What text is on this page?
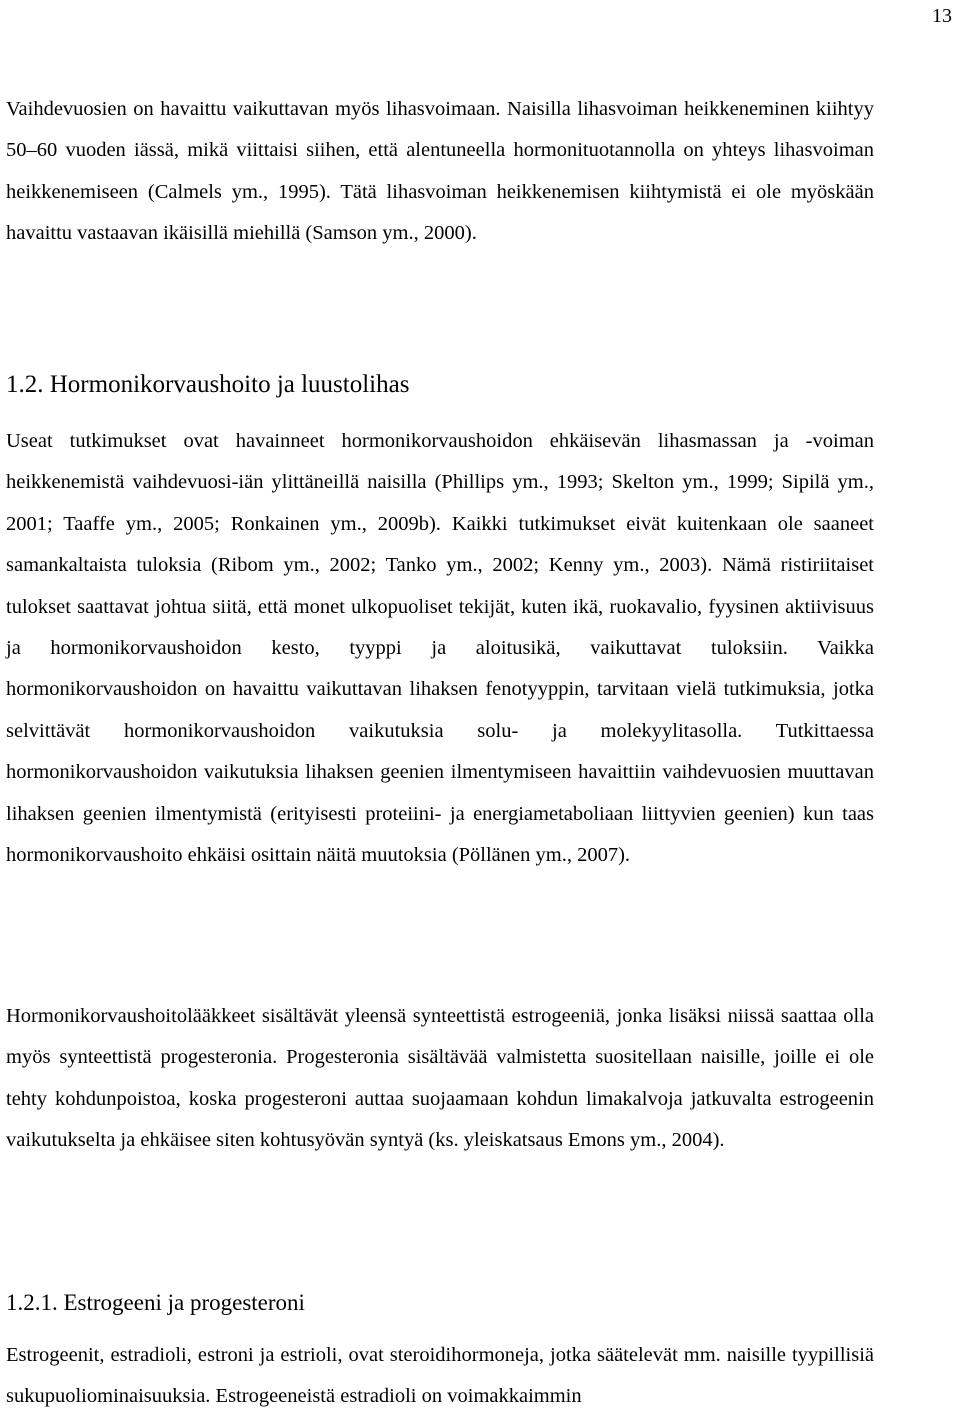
13

Vaihdevuosien on havaittu vaikuttavan myös lihasvoimaan. Naisilla lihasvoiman heikkeneminen kiihtyy 50–60 vuoden iässä, mikä viittaisi siihen, että alentuneella hormonituotannolla on yhteys lihasvoiman heikkenemiseen (Calmels ym., 1995). Tätä lihasvoiman heikkenemisen kiihtymistä ei ole myöskään havaittu vastaavan ikäisillä miehillä (Samson ym., 2000).

1.2. Hormonikorvaushoito ja luustolihas

Useat tutkimukset ovat havainneet hormonikorvaushoidon ehkäisevän lihasmassan ja -voiman heikkenemistä vaihdevuosi-iän ylittäneillä naisilla (Phillips ym., 1993; Skelton ym., 1999; Sipilä ym., 2001; Taaffe ym., 2005; Ronkainen ym., 2009b). Kaikki tutkimukset eivät kuitenkaan ole saaneet samankaltaista tuloksia (Ribom ym., 2002; Tanko ym., 2002; Kenny ym., 2003). Nämä ristiriitaiset tulokset saattavat johtua siitä, että monet ulkopuoliset tekijät, kuten ikä, ruokavalio, fyysinen aktiivisuus ja hormonikorvaushoidon kesto, tyyppi ja aloitusikä, vaikuttavat tuloksiin. Vaikka hormonikorvaushoidon on havaittu vaikuttavan lihaksen fenotyyppin, tarvitaan vielä tutkimuksia, jotka selvittävät hormonikorvaushoidon vaikutuksia solu- ja molekyylitasolla. Tutkittaessa hormonikorvaushoidon vaikutuksia lihaksen geenien ilmentymiseen havaittiin vaihdevuosien muuttavan lihaksen geenien ilmentymistä (erityisesti proteiini- ja energiametaboliaan liittyvien geenien) kun taas hormonikorvaushoito ehkäisi osittain näitä muutoksia (Pöllänen ym., 2007).

Hormonikorvaushoitolääkkeet sisältävät yleensä synteettistä estrogeeniä, jonka lisäksi niissä saattaa olla myös synteettistä progesteronia. Progesteronia sisältävää valmistetta suositellaan naisille, joille ei ole tehty kohdunpoistoa, koska progesteroni auttaa suojaamaan kohdun limakalvoja jatkuvalta estrogeenin vaikutukselta ja ehkäisee siten kohtusyövän syntyä (ks. yleiskatsaus Emons ym., 2004).

1.2.1. Estrogeeni ja progesteroni

Estrogeenit, estradioli, estroni ja estrioli, ovat steroidihormoneja, jotka säätelevät mm. naisille tyypillisiä sukupuoliominaisuuksia. Estrogeeneistä estradioli on voimakkaimmin
